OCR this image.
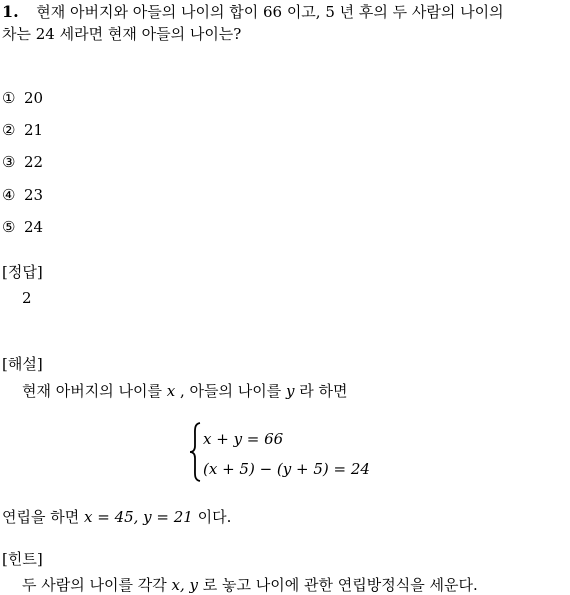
1. 현재 아버지와 아들의 나이의 합이 66 이고, 5 년 후의 두 사람의 나이의
차는 24 세라면 현재 아들의 나이는?
① 20
② 21
③ 22
④ 23
⑤ 24
[정답]
2
[해설]
현재 아버지의 나이를 x , 아들의 나이를 y 라 하면
x + y = 66
(x + 5) − (y + 5) = 24
연립을 하면 x = 45, y = 21 이다.
[힌트]
두 사람의 나이를 각각 x, y 로 놓고 나이에 관한 연립방정식을 세운다.
